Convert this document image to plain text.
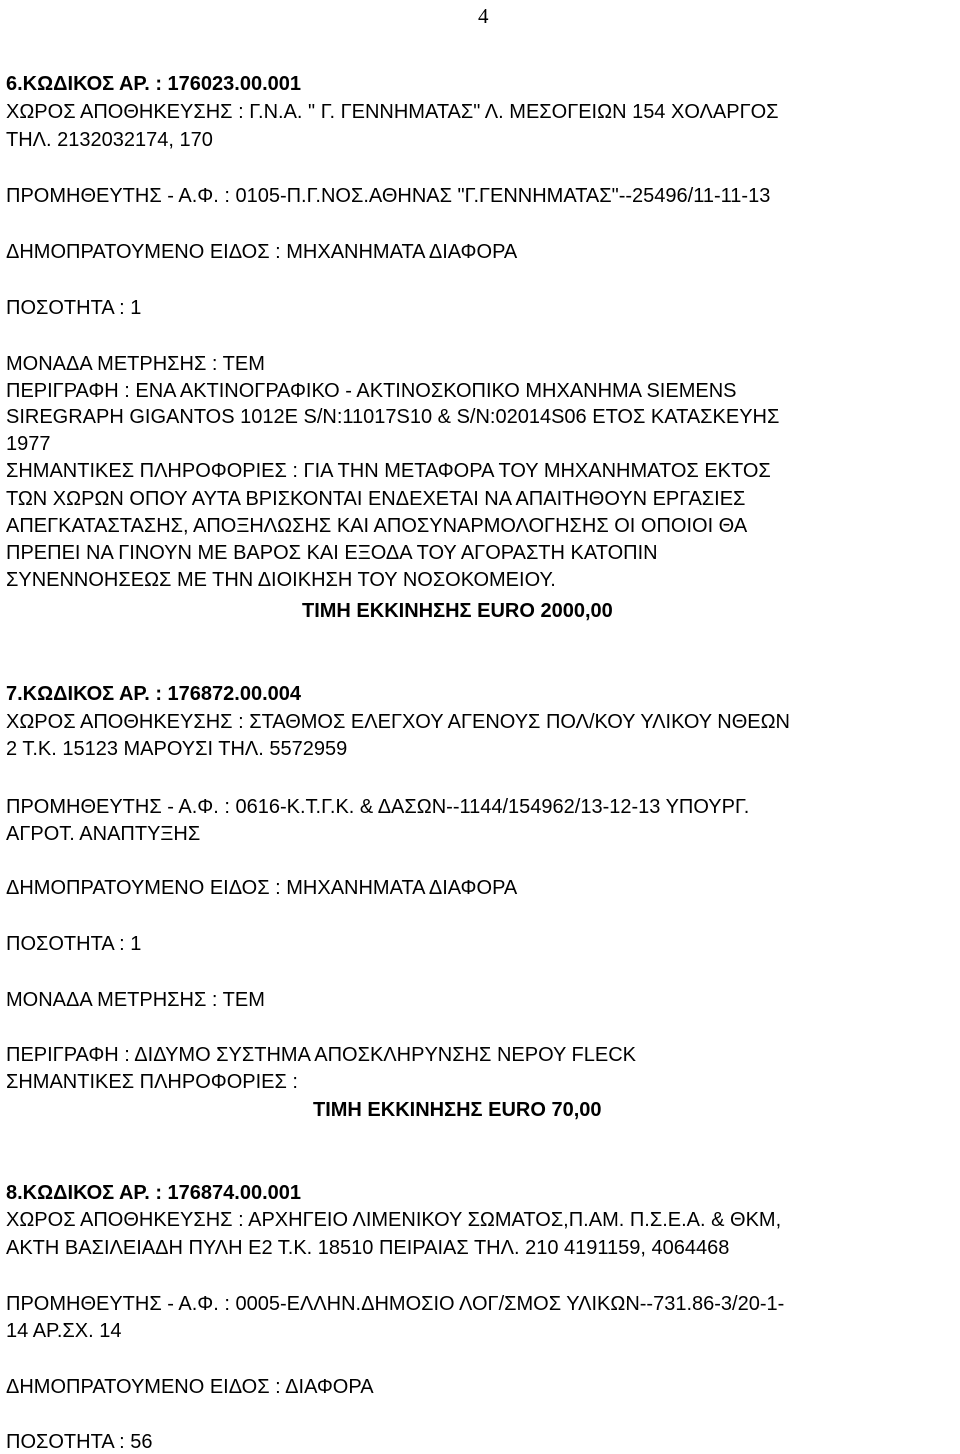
4
6.ΚΩΔΙΚΟΣ ΑΡ. : 176023.00.001
ΧΩΡΟΣ ΑΠΟΘΗΚΕΥΣΗΣ : Γ.Ν.Α. " Γ. ΓΕΝΝΗΜΑΤΑΣ" Λ. ΜΕΣΟΓΕΙΩΝ 154 ΧΟΛΑΡΓΟΣ
ΤΗΛ. 2132032174, 170
ΠΡΟΜΗΘΕΥΤΗΣ - Α.Φ. : 0105-Π.Γ.ΝΟΣ.ΑΘΗΝΑΣ "Γ.ΓΕΝΝΗΜΑΤΑΣ"--25496/11-11-13
ΔΗΜΟΠΡΑΤΟΥΜΕΝΟ ΕΙΔΟΣ : ΜΗΧΑΝΗΜΑΤΑ ΔΙΑΦΟΡΑ
ΠΟΣΟΤΗΤΑ : 1
ΜΟΝΑΔΑ ΜΕΤΡΗΣΗΣ : ΤΕΜ
ΠΕΡΙΓΡΑΦΗ : ΕΝΑ ΑΚΤΙΝΟΓΡΑΦΙΚΟ - ΑΚΤΙΝΟΣΚΟΠΙΚΟ ΜΗΧΑΝΗΜΑ SIEMENS
SIREGRAPH GIGANTOS 1012E S/N:11017S10 & S/N:02014S06 ΕΤΟΣ ΚΑΤΑΣΚΕΥΗΣ
1977
ΣΗΜΑΝΤΙΚΕΣ ΠΛΗΡΟΦΟΡΙΕΣ : ΓΙΑ ΤΗΝ ΜΕΤΑΦΟΡΑ ΤΟΥ ΜΗΧΑΝΗΜΑΤΟΣ ΕΚΤΟΣ
ΤΩΝ ΧΩΡΩΝ ΟΠΟΥ ΑΥΤΑ ΒΡΙΣΚΟΝΤΑΙ ΕΝΔΕΧΕΤΑΙ ΝΑ ΑΠΑΙΤΗΘΟΥΝ ΕΡΓΑΣΙΕΣ
ΑΠΕΓΚΑΤΑΣΤΑΣΗΣ, ΑΠΟΞΗΛΩΣΗΣ ΚΑΙ ΑΠΟΣΥΝΑΡΜΟΛΟΓΗΣΗΣ ΟΙ ΟΠΟΙΟΙ ΘΑ
ΠΡΕΠΕΙ ΝΑ ΓΙΝΟΥΝ ΜΕ ΒΑΡΟΣ ΚΑΙ ΕΞΟΔΑ ΤΟΥ ΑΓΟΡΑΣΤΗ ΚΑΤΟΠΙΝ
ΣΥΝΕΝΝΟΗΣΕΩΣ ΜΕ ΤΗΝ ΔΙΟΙΚΗΣΗ ΤΟΥ ΝΟΣΟΚΟΜΕΙΟΥ.
ΤΙΜΗ ΕΚΚΙΝΗΣΗΣ EURO 2000,00
7.ΚΩΔΙΚΟΣ ΑΡ. : 176872.00.004
ΧΩΡΟΣ ΑΠΟΘΗΚΕΥΣΗΣ : ΣΤΑΘΜΟΣ ΕΛΕΓΧΟΥ ΑΓΕΝΟΥΣ ΠΟΛ/ΚΟΥ ΥΛΙΚΟΥ ΝΘΕΩΝ
2 Τ.Κ. 15123 ΜΑΡΟΥΣΙ ΤΗΛ. 5572959
ΠΡΟΜΗΘΕΥΤΗΣ - Α.Φ. : 0616-Κ.Τ.Γ.Κ. & ΔΑΣΩΝ--1144/154962/13-12-13 ΥΠΟΥΡΓ.
ΑΓΡΟΤ. ΑΝΑΠΤΥΞΗΣ
ΔΗΜΟΠΡΑΤΟΥΜΕΝΟ ΕΙΔΟΣ : ΜΗΧΑΝΗΜΑΤΑ ΔΙΑΦΟΡΑ
ΠΟΣΟΤΗΤΑ : 1
ΜΟΝΑΔΑ ΜΕΤΡΗΣΗΣ : ΤΕΜ
ΠΕΡΙΓΡΑΦΗ : ΔΙΔΥΜΟ ΣΥΣΤΗΜΑ ΑΠΟΣΚΛΗΡΥΝΣΗΣ ΝΕΡΟΥ FLECK
ΣΗΜΑΝΤΙΚΕΣ ΠΛΗΡΟΦΟΡΙΕΣ :
ΤΙΜΗ ΕΚΚΙΝΗΣΗΣ EURO 70,00
8.ΚΩΔΙΚΟΣ ΑΡ. : 176874.00.001
ΧΩΡΟΣ ΑΠΟΘΗΚΕΥΣΗΣ : ΑΡΧΗΓΕΙΟ ΛΙΜΕΝΙΚΟΥ ΣΩΜΑΤΟΣ,Π.ΑΜ. Π.Σ.Ε.Α. & ΘΚΜ,
ΑΚΤΗ ΒΑΣΙΛΕΙΑΔΗ ΠΥΛΗ Ε2 Τ.Κ. 18510 ΠΕΙΡΑΙΑΣ ΤΗΛ. 210 4191159, 4064468
ΠΡΟΜΗΘΕΥΤΗΣ - Α.Φ. : 0005-ΕΛΛΗΝ.ΔΗΜΟΣΙΟ ΛΟΓ/ΣΜΟΣ ΥΛΙΚΩΝ--731.86-3/20-1-
14 ΑΡ.ΣΧ. 14
ΔΗΜΟΠΡΑΤΟΥΜΕΝΟ ΕΙΔΟΣ : ΔΙΑΦΟΡΑ
ΠΟΣΟΤΗΤΑ : 56
